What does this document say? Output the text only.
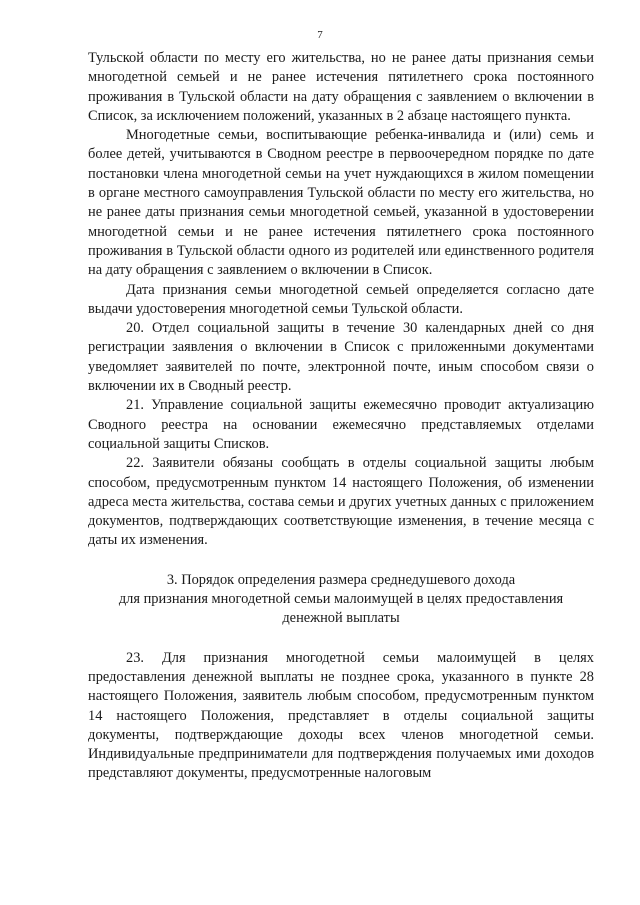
7

Тульской области по месту его жительства, но не ранее даты признания семьи многодетной семьей и не ранее истечения пятилетнего срока постоянного проживания в Тульской области на дату обращения с заявлением о включении в Список, за исключением положений, указанных в 2 абзаце настоящего пункта.

Многодетные семьи, воспитывающие ребенка-инвалида и (или) семь и более детей, учитываются в Сводном реестре в первоочередном порядке по дате постановки члена многодетной семьи на учет нуждающихся в жилом помещении в органе местного самоуправления Тульской области по месту его жительства, но не ранее даты признания семьи многодетной семьей, указанной в удостоверении многодетной семьи и не ранее истечения пятилетнего срока постоянного проживания в Тульской области одного из родителей или единственного родителя на дату обращения с заявлением о включении в Список.

Дата признания семьи многодетной семьей определяется согласно дате выдачи удостоверения многодетной семьи Тульской области.

20. Отдел социальной защиты в течение 30 календарных дней со дня регистрации заявления о включении в Список с приложенными документами уведомляет заявителей по почте, электронной почте, иным способом связи о включении их в Сводный реестр.

21. Управление социальной защиты ежемесячно проводит актуализацию Сводного реестра на основании ежемесячно представляемых отделами социальной защиты Списков.

22. Заявители обязаны сообщать в отделы социальной защиты любым способом, предусмотренным пунктом 14 настоящего Положения, об изменении адреса места жительства, состава семьи и других учетных данных с приложением документов, подтверждающих соответствующие изменения, в течение месяца с даты их изменения.

3. Порядок определения размера среднедушевого дохода
для признания многодетной семьи малоимущей в целях предоставления
денежной выплаты

23. Для признания многодетной семьи малоимущей в целях предоставления денежной выплаты не позднее срока, указанного в пункте 28 настоящего Положения, заявитель любым способом, предусмотренным пунктом 14 настоящего Положения, представляет в отделы социальной защиты документы, подтверждающие доходы всех членов многодетной семьи. Индивидуальные предприниматели для подтверждения получаемых ими доходов представляют документы, предусмотренные налоговым
